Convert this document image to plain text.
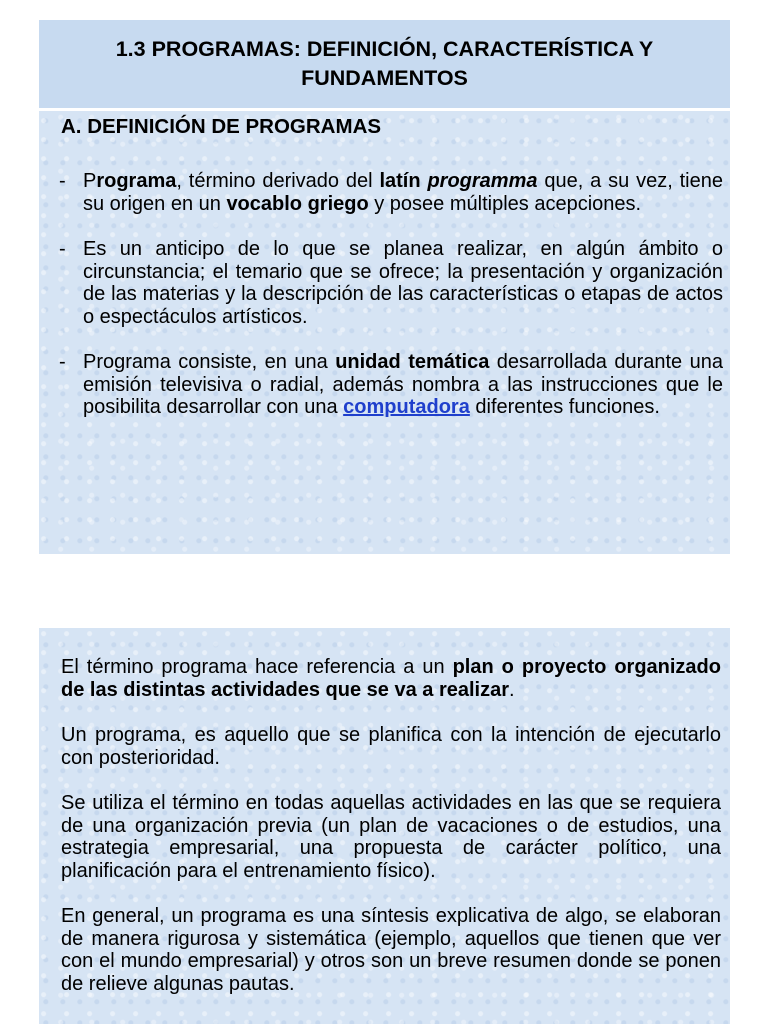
1.3 PROGRAMAS: DEFINICIÓN, CARACTERÍSTICA Y FUNDAMENTOS
A. DEFINICIÓN DE PROGRAMAS
- Programa, término derivado del latín programma que, a su vez, tiene su origen en un vocablo griego y posee múltiples acepciones.
- Es un anticipo de lo que se planea realizar, en algún ámbito o circunstancia; el temario que se ofrece; la presentación y organización de las materias y la descripción de las características o etapas de actos o espectáculos artísticos.
- Programa consiste, en una unidad temática desarrollada durante una emisión televisiva o radial, además nombra a las instrucciones que le posibilita desarrollar con una computadora diferentes funciones.

El término programa hace referencia a un plan o proyecto organizado de las distintas actividades que se va a realizar.

Un programa, es aquello que se planifica con la intención de ejecutarlo con posterioridad.

Se utiliza el término en todas aquellas actividades en las que se requiera de una organización previa (un plan de vacaciones o de estudios, una estrategia empresarial, una propuesta de carácter político, una planificación para el entrenamiento físico).

En general, un programa es una síntesis explicativa de algo, se elaboran de manera rigurosa y sistemática (ejemplo, aquellos que tienen que ver con el mundo empresarial) y otros son un breve resumen donde se ponen de relieve algunas pautas.
